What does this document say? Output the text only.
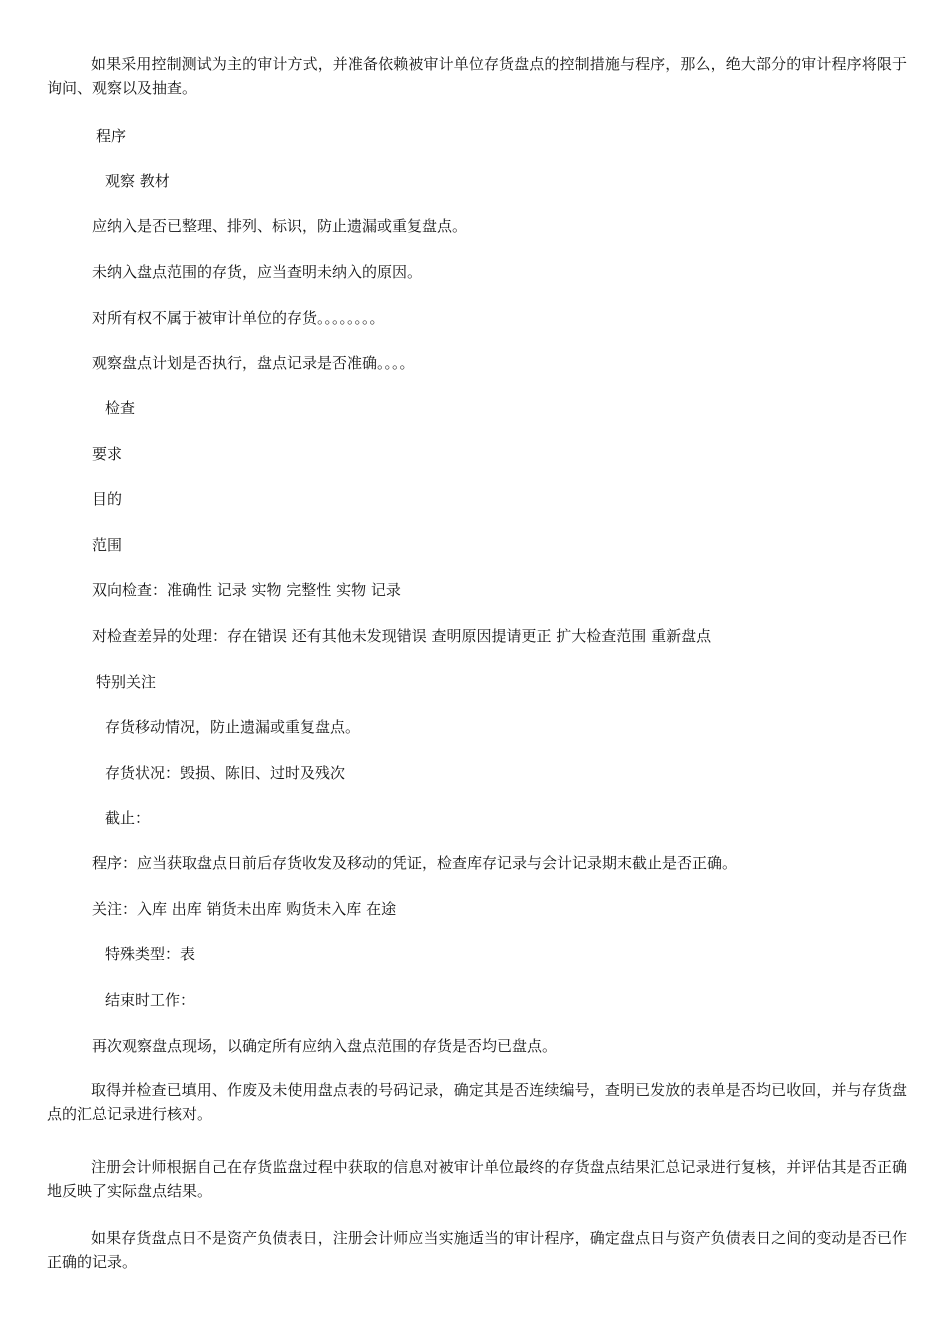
如果采用控制测试为主的审计方式，并准备依赖被审计单位存货盘点的控制措施与程序，那么，绝大部分的审计程序将限于询问、观察以及抽查。
程序
观察 教材
应纳入是否已整理、排列、标识，防止遗漏或重复盘点。
未纳入盘点范围的存货，应当查明未纳入的原因。
对所有权不属于被审计单位的存货。。。。。。。。
观察盘点计划是否执行，盘点记录是否准确。。。。
检查
要求
目的
范围
双向检查：准确性 记录 实物 完整性 实物 记录
对检查差异的处理：存在错误 还有其他未发现错误 查明原因提请更正 扩大检查范围 重新盘点
特别关注
存货移动情况，防止遗漏或重复盘点。
存货状况：毁损、陈旧、过时及残次
截止：
程序：应当获取盘点日前后存货收发及移动的凭证，检查库存记录与会计记录期末截止是否正确。
关注：入库 出库 销货未出库 购货未入库 在途
特殊类型：表
结束时工作：
再次观察盘点现场，以确定所有应纳入盘点范围的存货是否均已盘点。
取得并检查已填用、作废及未使用盘点表的号码记录，确定其是否连续编号，查明已发放的表单是否均已收回，并与存货盘点的汇总记录进行核对。
注册会计师根据自己在存货监盘过程中获取的信息对被审计单位最终的存货盘点结果汇总记录进行复核，并评估其是否正确地反映了实际盘点结果。
如果存货盘点日不是资产负债表日，注册会计师应当实施适当的审计程序，确定盘点日与资产负债表日之间的变动是否已作正确的记录。
